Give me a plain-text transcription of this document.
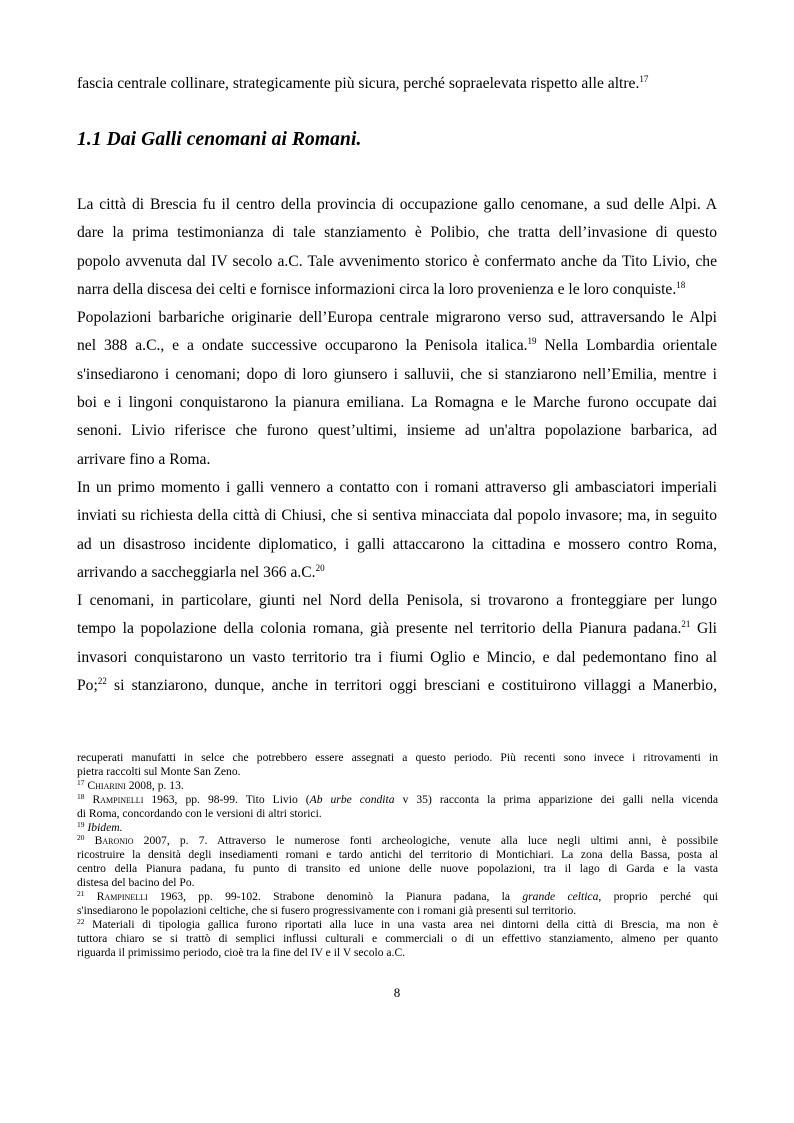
fascia centrale collinare, strategicamente più sicura, perché sopraelevata rispetto alle altre.$^{17}$

1.1 Dai Galli cenomani ai Romani.
La città di Brescia fu il centro della provincia di occupazione gallo cenomane, a sud delle Alpi. A
dare la prima testimonianza di tale stanziamento è Polibio, che tratta dell’invasione di questo
popolo avvenuta dal IV secolo a.C. Tale avvenimento storico è confermato anche da Tito Livio, che
narra della discesa dei celti e fornisce informazioni circa la loro provenienza e le loro conquiste.$^{18}$
Popolazioni barbariche originarie dell’Europa centrale migrarono verso sud, attraversando le Alpi
nel 388 a.C., e a ondate successive occuparono la Penisola italica.$^{19}$ Nella Lombardia orientale
s'insediarono i cenomani; dopo di loro giunsero i salluvii, che si stanziarono nell’Emilia, mentre i
boi e i lingoni conquistarono la pianura emiliana. La Romagna e le Marche furono occupate dai
senoni. Livio riferisce che furono quest’ultimi, insieme ad un'altra popolazione barbarica, ad
arrivare fino a Roma.
In un primo momento i galli vennero a contatto con i romani attraverso gli ambasciatori imperiali
inviati su richiesta della città di Chiusi, che si sentiva minacciata dal popolo invasore; ma, in seguito
ad un disastroso incidente diplomatico, i galli attaccarono la cittadina e mossero contro Roma,
arrivando a saccheggiarla nel 366 a.C.$^{20}$
I cenomani, in particolare, giunti nel Nord della Penisola, si trovarono a fronteggiare per lungo
tempo la popolazione della colonia romana, già presente nel territorio della Pianura padana.$^{21}$ Gli
invasori conquistarono un vasto territorio tra i fiumi Oglio e Mincio, e dal pedemontano fino al
Po;$^{22}$ si stanziarono, dunque, anche in territori oggi bresciani e costituirono villaggi a Manerbio,
recuperati manufatti in selce che potrebbero essere assegnati a questo periodo. Più recenti sono invece i ritrovamenti in
pietra raccolti sul Monte San Zeno.
$^{17}$ Chiarini 2008, p. 13.
$^{18}$ Rampinelli 1963, pp. 98-99. Tito Livio (Ab urbe condita v 35) racconta la prima apparizione dei galli nella vicenda
di Roma, concordando con le versioni di altri storici.
$^{19}$ Ibidem.
$^{20}$ Baronio 2007, p. 7. Attraverso le numerose fonti archeologiche, venute alla luce negli ultimi anni, è possibile
ricostruire la densità degli insediamenti romani e tardo antichi del territorio di Montichiari. La zona della Bassa, posta al
centro della Pianura padana, fu punto di transito ed unione delle nuove popolazioni, tra il lago di Garda e la vasta
distesa del bacino del Po.
$^{21}$ Rampinelli 1963, pp. 99-102. Strabone denominò la Pianura padana, la grande celtica, proprio perché qui
s'insediarono le popolazioni celtiche, che si fusero progressivamente con i romani già presenti sul territorio.
$^{22}$ Materiali di tipologia gallica furono riportati alla luce in una vasta area nei dintorni della città di Brescia, ma non è
tuttora chiaro se si trattò di semplici influssi culturali e commerciali o di un effettivo stanziamento, almeno per quanto
riguarda il primissimo periodo, cioè tra la fine del IV e il V secolo a.C.
8
